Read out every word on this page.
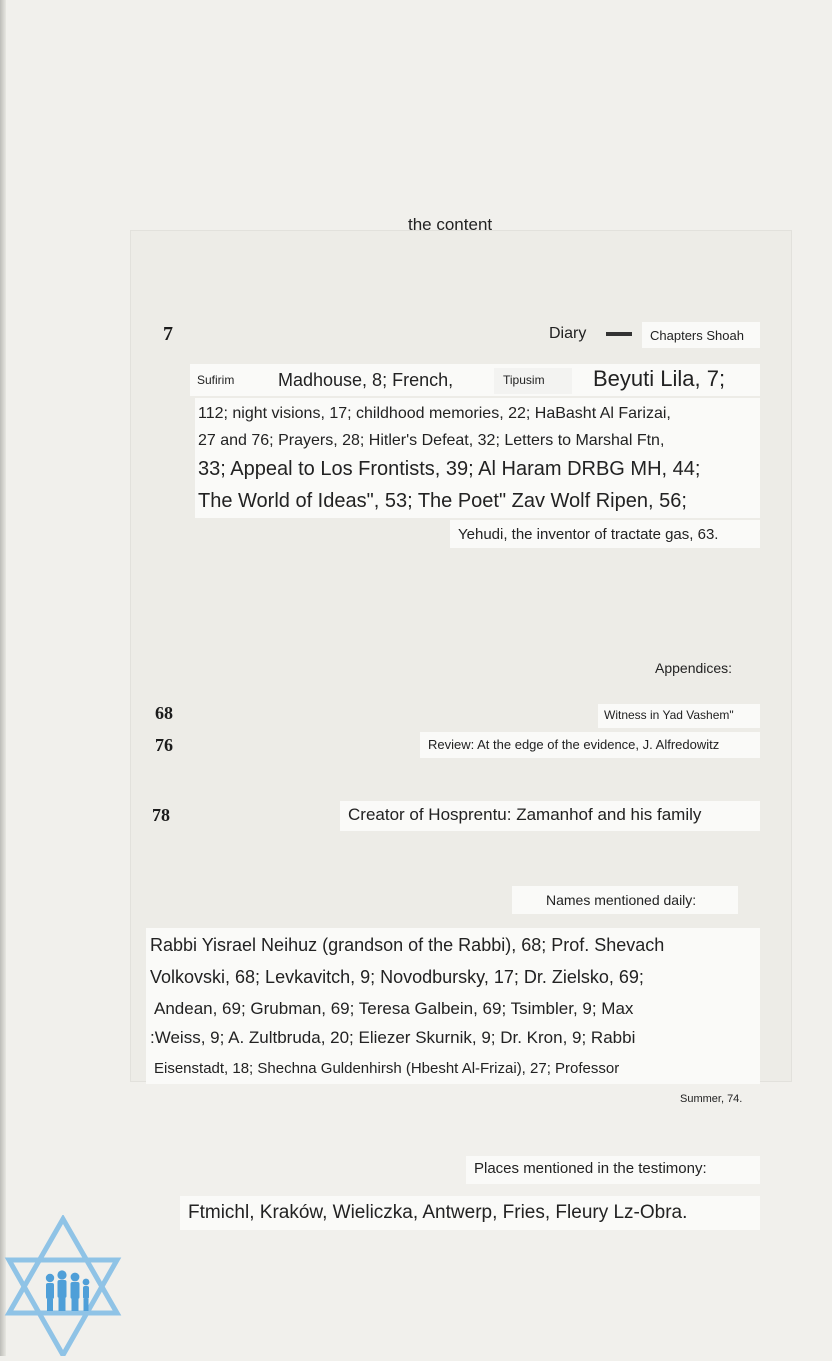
the content
7	Diary	Chapters Shoah
Sufirim Madhouse, 8; French,	Tipusim Beyuti Lila, 7;
112; night visions, 17; childhood memories, 22; HaBasht Al Farizai,
27 and 76; Prayers, 28; Hitler's Defeat, 32; Letters to Marshal Ftn,
33; Appeal to Los Frontists, 39; Al Haram DRBG MH, 44;
The World of Ideas", 53; The Poet" Zav Wolf Ripen, 56;
Yehudi, the inventor of tractate gas, 63.
Appendices:
68	Witness in Yad Vashem"
76	Review: At the edge of the evidence, J. Alfredowitz
78	Creator of Hosprentu: Zamanhof and his family
Names mentioned daily:
Rabbi Yisrael Neihuz (grandson of the Rabbi), 68; Prof. Shevach
Volkovski, 68; Levkavitch, 9; Novodbursky, 17; Dr. Zielsko, 69;
Andean, 69; Grubman, 69; Teresa Galbein, 69; Tsimbler, 9; Max
:Weiss, 9; A. Zultbruda, 20; Eliezer Skurnik, 9; Dr. Kron, 9; Rabbi
Eisenstadt, 18; Shechna Guldenhirsh (Hbesht Al-Frizai), 27; Professor
Summer, 74.
Places mentioned in the testimony:
Ftmichl, Kraków, Wieliczka, Antwerp, Fries, Fleury Lz-Obra.
